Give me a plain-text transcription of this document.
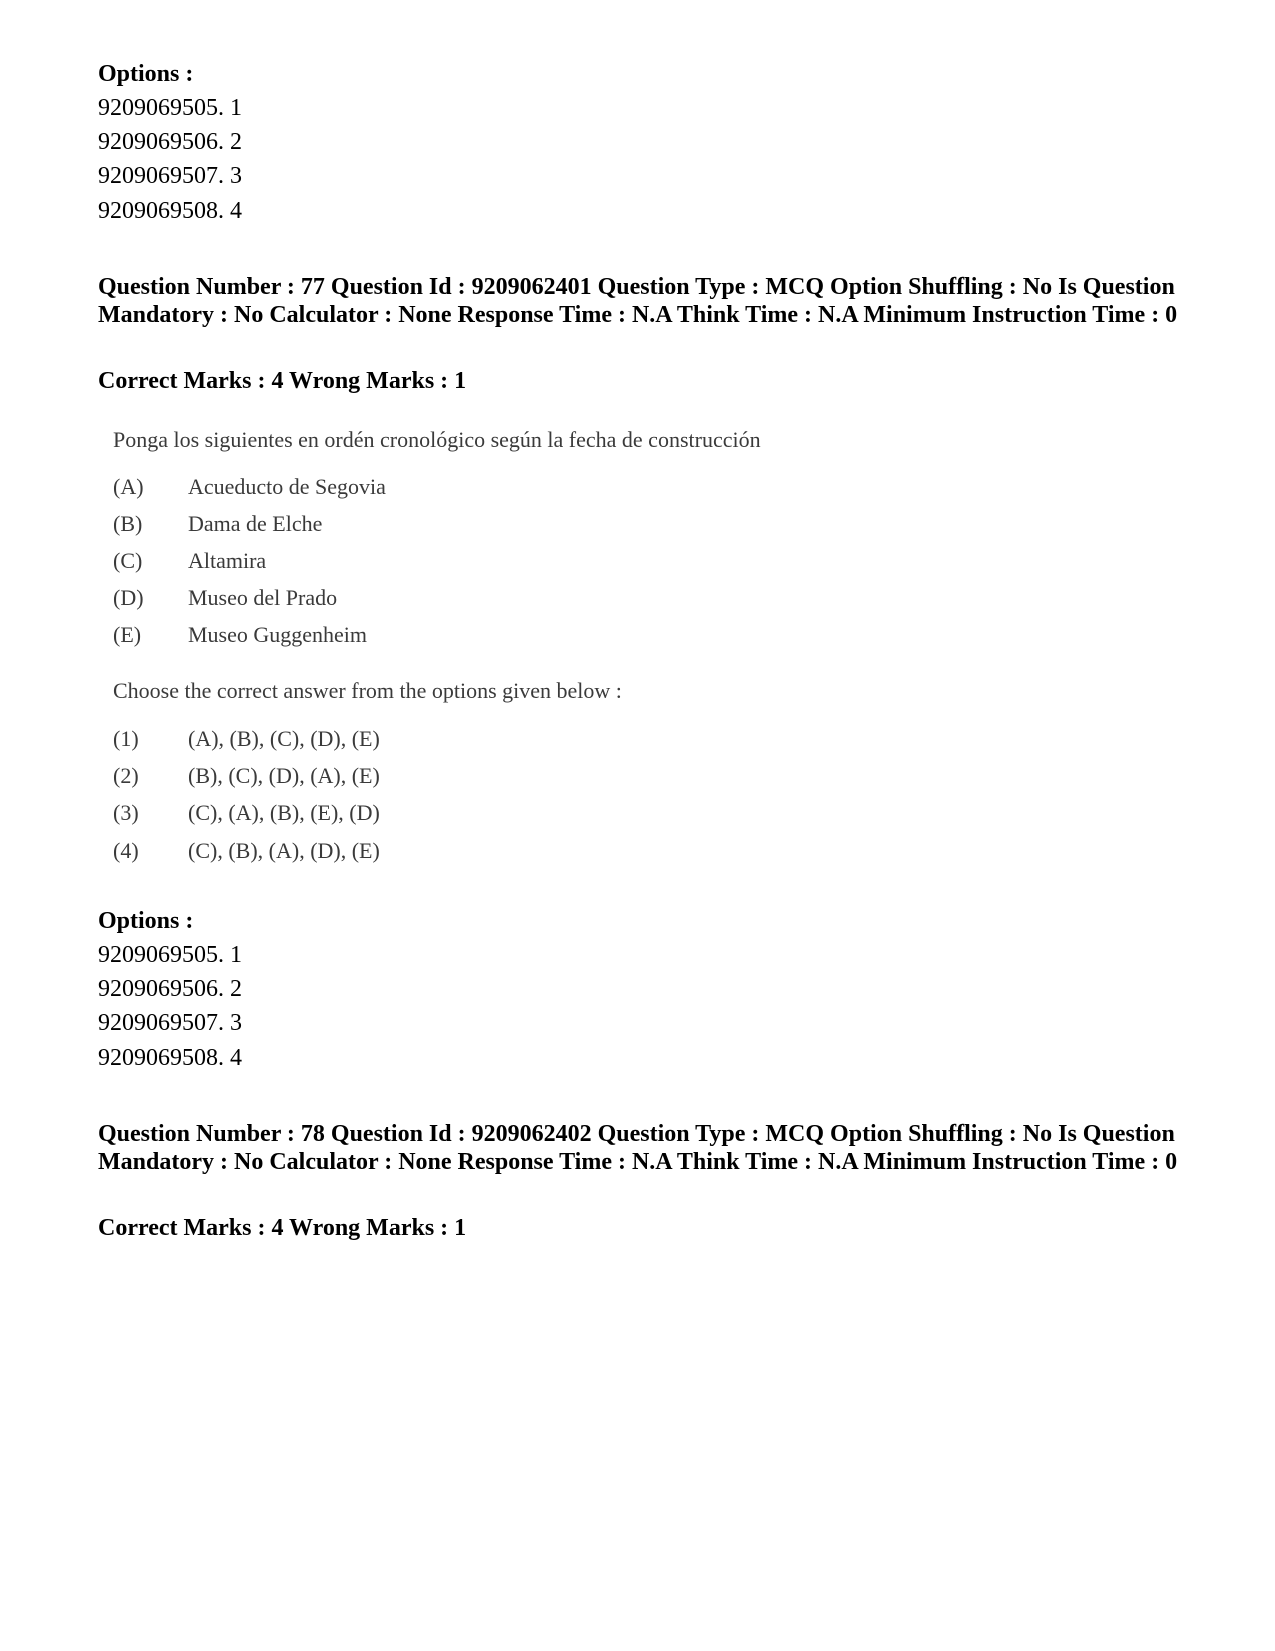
Options :
9209069505. 1
9209069506. 2
9209069507. 3
9209069508. 4
Question Number : 77 Question Id : 9209062401 Question Type : MCQ Option Shuffling : No Is Question Mandatory : No Calculator : None Response Time : N.A Think Time : N.A Minimum Instruction Time : 0
Correct Marks : 4 Wrong Marks : 1
Ponga los siguientes en ordén cronológico según la fecha de construcción
(A) Acueducto de Segovia
(B) Dama de Elche
(C) Altamira
(D) Museo del Prado
(E) Museo Guggenheim
Choose the correct answer from the options given below :
(1) (A), (B), (C), (D), (E)
(2) (B), (C), (D), (A), (E)
(3) (C), (A), (B), (E), (D)
(4) (C), (B), (A), (D), (E)
Options :
9209069505. 1
9209069506. 2
9209069507. 3
9209069508. 4
Question Number : 78 Question Id : 9209062402 Question Type : MCQ Option Shuffling : No Is Question Mandatory : No Calculator : None Response Time : N.A Think Time : N.A Minimum Instruction Time : 0
Correct Marks : 4 Wrong Marks : 1
